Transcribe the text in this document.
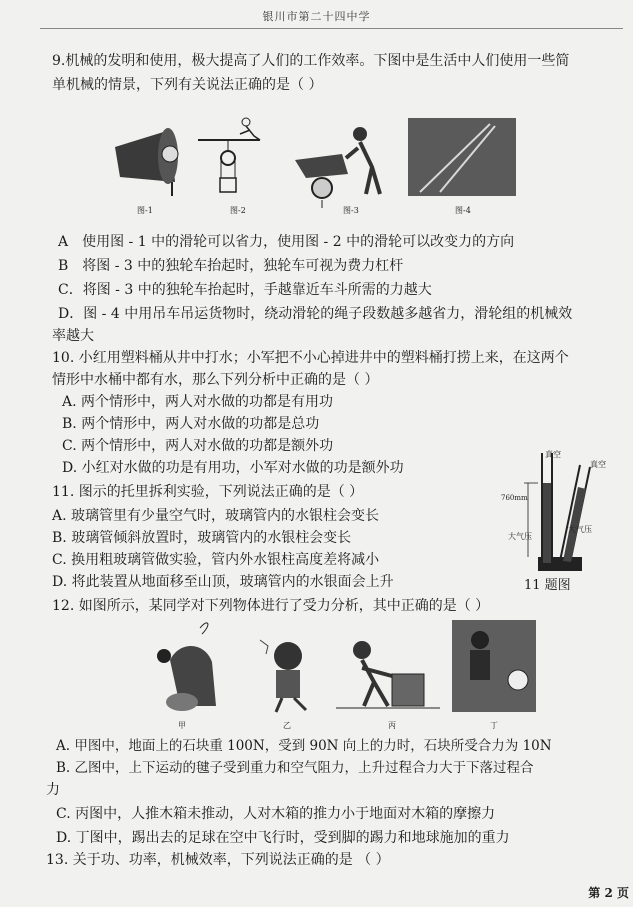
银川市第二十四中学
9.机械的发明和使用，极大提高了人们的工作效率。下图中是生活中人们使用一些简
单机械的情景，下列有关说法正确的是（ ）
图-1	图-2	图-3	图-4
A　使用图 - 1 中的滑轮可以省力，使用图 - 2 中的滑轮可以改变力的方向
B　将图 - 3 中的独轮车抬起时，独轮车可视为费力杠杆
C．将图 - 3 中的独轮车抬起时，手越靠近车斗所需的力越大
D．图 - 4 中用吊车吊运货物时，绕动滑轮的绳子段数越多越省力，滑轮组的机械效
率越大
10. 小红用塑料桶从井中打水；小军把不小心掉进井中的塑料桶打捞上来，在这两个
情形中水桶中都有水，那么下列分析中正确的是（ ）
A. 两个情形中，两人对水做的功都是有用功
B. 两个情形中，两人对水做的功都是总功
C. 两个情形中，两人对水做的功都是额外功
D. 小红对水做的功是有用功，小军对水做的功是额外功
11. 图示的托里拆利实验，下列说法正确的是（ ）
A. 玻璃管里有少量空气时，玻璃管内的水银柱会变长
B. 玻璃管倾斜放置时，玻璃管内的水银柱会变长
C. 换用粗玻璃管做实验，管内外水银柱高度差将减小
D. 将此装置从地面移至山顶，玻璃管内的水银面会上升
真空
真空
760mm
大气压
大气压
11 题图
12. 如图所示，某同学对下列物体进行了受力分析，其中正确的是（ ）
甲	乙	丙	丁
A. 甲图中，地面上的石块重 100N，受到 90N 向上的力时，石块所受合力为 10N
B. 乙图中，上下运动的毽子受到重力和空气阻力，上升过程合力大于下落过程合
力
C. 丙图中，人推木箱未推动，人对木箱的推力小于地面对木箱的摩擦力
D. 丁图中，踢出去的足球在空中飞行时，受到脚的踢力和地球施加的重力
13. 关于功、功率，机械效率，下列说法正确的是 （ ）
第 2 页
